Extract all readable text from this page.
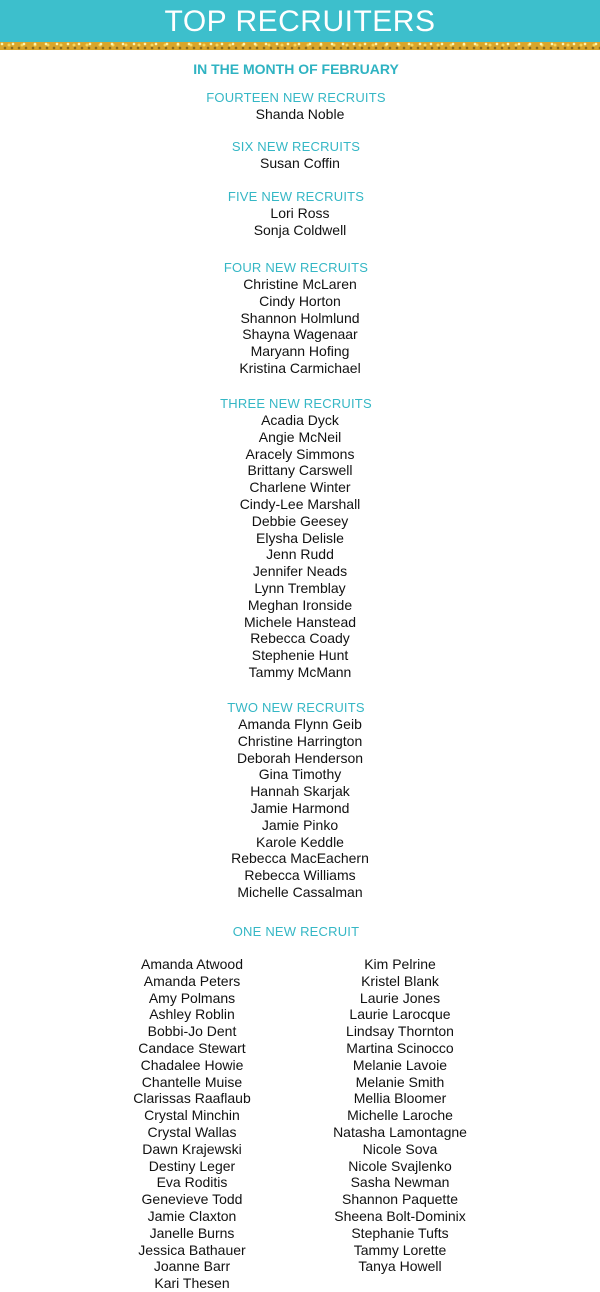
TOP RECRUITERS
IN THE MONTH OF FEBRUARY
FOURTEEN NEW RECRUITS
Shanda Noble
SIX NEW RECRUITS
Susan Coffin
FIVE NEW RECRUITS
Lori Ross
Sonja Coldwell
FOUR NEW RECRUITS
Christine McLaren
Cindy Horton
Shannon Holmlund
Shayna Wagenaar
Maryann Hofing
Kristina Carmichael
THREE NEW RECRUITS
Acadia Dyck
Angie McNeil
Aracely Simmons
Brittany Carswell
Charlene Winter
Cindy-Lee Marshall
Debbie Geesey
Elysha Delisle
Jenn Rudd
Jennifer Neads
Lynn Tremblay
Meghan Ironside
Michele Hanstead
Rebecca Coady
Stephenie Hunt
Tammy McMann
TWO NEW RECRUITS
Amanda Flynn Geib
Christine Harrington
Deborah Henderson
Gina Timothy
Hannah Skarjak
Jamie Harmond
Jamie Pinko
Karole Keddle
Rebecca MacEachern
Rebecca Williams
Michelle Cassalman
ONE NEW RECRUIT
Amanda Atwood
Amanda Peters
Amy Polmans
Ashley Roblin
Bobbi-Jo Dent
Candace Stewart
Chadalee Howie
Chantelle Muise
Clarissas Raaflaub
Crystal Minchin
Crystal Wallas
Dawn Krajewski
Destiny Leger
Eva Roditis
Genevieve Todd
Jamie Claxton
Janelle Burns
Jessica Bathauer
Joanne Barr
Kari Thesen
Kim Pelrine
Kristel Blank
Laurie Jones
Laurie Larocque
Lindsay Thornton
Martina Scinocco
Melanie Lavoie
Melanie Smith
Mellia Bloomer
Michelle Laroche
Natasha Lamontagne
Nicole Sova
Nicole Svajlenko
Sasha Newman
Shannon Paquette
Sheena Bolt-Dominix
Stephanie Tufts
Tammy Lorette
Tanya Howell
